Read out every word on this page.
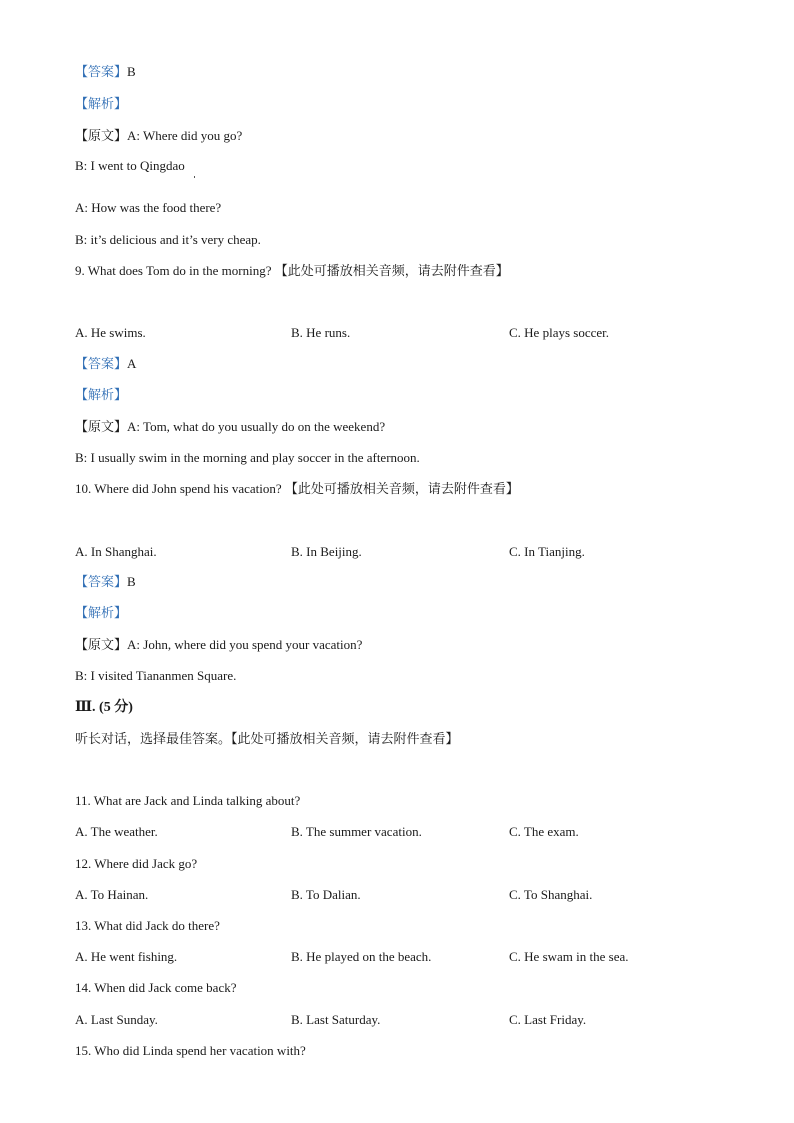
【答案】B
【解析】
【原文】A: Where did you go?
B: I went to Qingdao
A: How was the food there?
B: it’s delicious and it’s very cheap.
9. What does Tom do in the morning? 【此处可播放相关音频，请去附件查看】
A. He swims.	B. He runs.	C. He plays soccer.
【答案】A
【解析】
【原文】A: Tom, what do you usually do on the weekend?
B: I usually swim in the morning and play soccer in the afternoon.
10. Where did John spend his vacation? 【此处可播放相关音频，请去附件查看】
A. In Shanghai.	B. In Beijing.	C. In Tianjing.
【答案】B
【解析】
【原文】A: John, where did you spend your vacation?
B: I visited Tiananmen Square.
Ⅲ. (5 分)
听长对话，选择最佳答案。【此处可播放相关音频，请去附件查看】
11. What are Jack and Linda talking about?
A. The weather.	B. The summer vacation.	C. The exam.
12. Where did Jack go?
A. To Hainan.	B. To Dalian.	C. To Shanghai.
13. What did Jack do there?
A. He went fishing.	B. He played on the beach.	C. He swam in the sea.
14. When did Jack come back?
A. Last Sunday.	B. Last Saturday.	C. Last Friday.
15. Who did Linda spend her vacation with?
